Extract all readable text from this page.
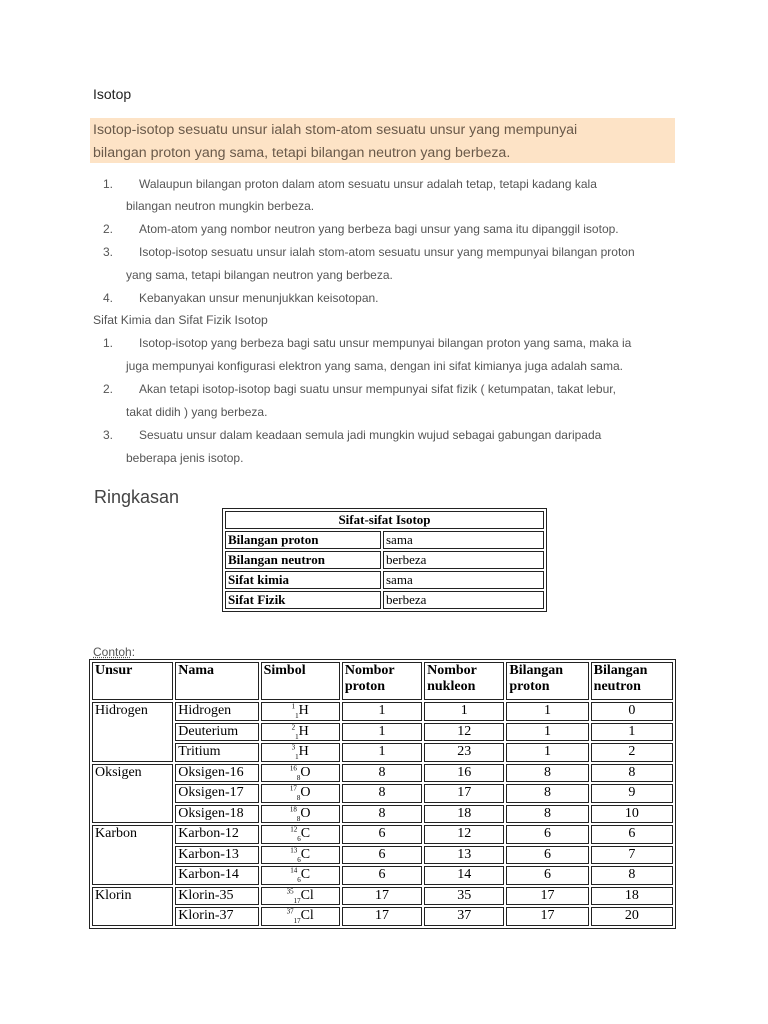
Isotop
Isotop-isotop sesuatu unsur ialah stom-atom sesuatu unsur yang mempunyai
bilangan proton yang sama, tetapi bilangan neutron yang berbeza.
1. Walaupun bilangan proton dalam atom sesuatu unsur adalah tetap, tetapi kadang kala
bilangan neutron mungkin berbeza.
2. Atom-atom yang nombor neutron yang berbeza bagi unsur yang sama itu dipanggil isotop.
3. Isotop-isotop sesuatu unsur ialah stom-atom sesuatu unsur yang mempunyai bilangan proton
yang sama, tetapi bilangan neutron yang berbeza.
4. Kebanyakan unsur menunjukkan keisotopan.
Sifat Kimia dan Sifat Fizik Isotop
1. Isotop-isotop yang berbeza bagi satu unsur mempunyai bilangan proton yang sama, maka ia
juga mempunyai konfigurasi elektron yang sama, dengan ini sifat kimianya juga adalah sama.
2. Akan tetapi isotop-isotop bagi suatu unsur mempunyai sifat fizik ( ketumpatan, takat lebur,
takat didih ) yang berbeza.
3. Sesuatu unsur dalam keadaan semula jadi mungkin wujud sebagai gabungan daripada
beberapa jenis isotop.
Ringkasan
Sifat-sifat Isotop	
Bilangan proton	sama
Bilangan neutron	berbeza
Sifat kimia	sama
Sifat Fizik	berbeza
Contoh:
Unsur	Nama	Simbol	Nombor proton	Nombor nukleon	Bilangan proton	Bilangan neutron
Hidrogen	Hidrogen	$^1_1$H	1	1	1	0
	Deuterium	$^2_1$H	1	12	1	1
	Tritium	$^3_1$H	1	23	1	2
Oksigen	Oksigen-16	$^{16}_8$O	8	16	8	8
	Oksigen-17	$^{17}_8$O	8	17	8	9
	Oksigen-18	$^{18}_8$O	8	18	8	10
Karbon	Karbon-12	$^{12}_6$C	6	12	6	6
	Karbon-13	$^{13}_6$C	6	13	6	7
	Karbon-14	$^{14}_6$C	6	14	6	8
Klorin	Klorin-35	$^{35}_{17}$Cl	17	35	17	18
	Klorin-37	$^{37}_{17}$Cl	17	37	17	20
